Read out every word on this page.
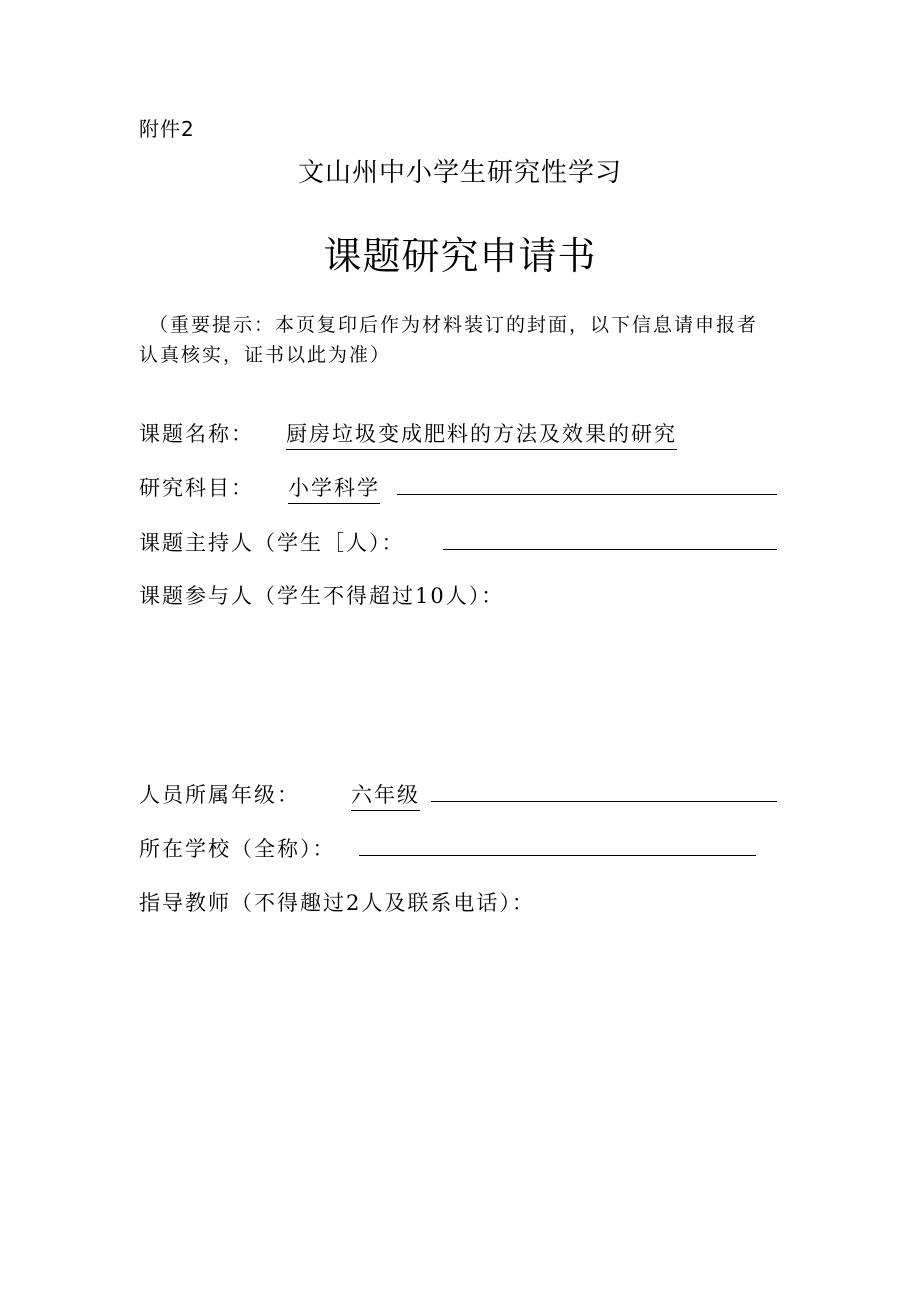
附件2
文山州中小学生研究性学习
课题研究申请书
（重要提示：本页复印后作为材料装订的封面，以下信息请申报者
认真核实，证书以此为准）
课题名称： 厨房垃圾变成肥料的方法及效果的研究
研究科目： 小学科学
课题主持人（学生［人）：
课题参与人（学生不得超过10人）：
人员所属年级： 六年级
所在学校（全称）：
指导教师（不得趣过2人及联系电话）：
